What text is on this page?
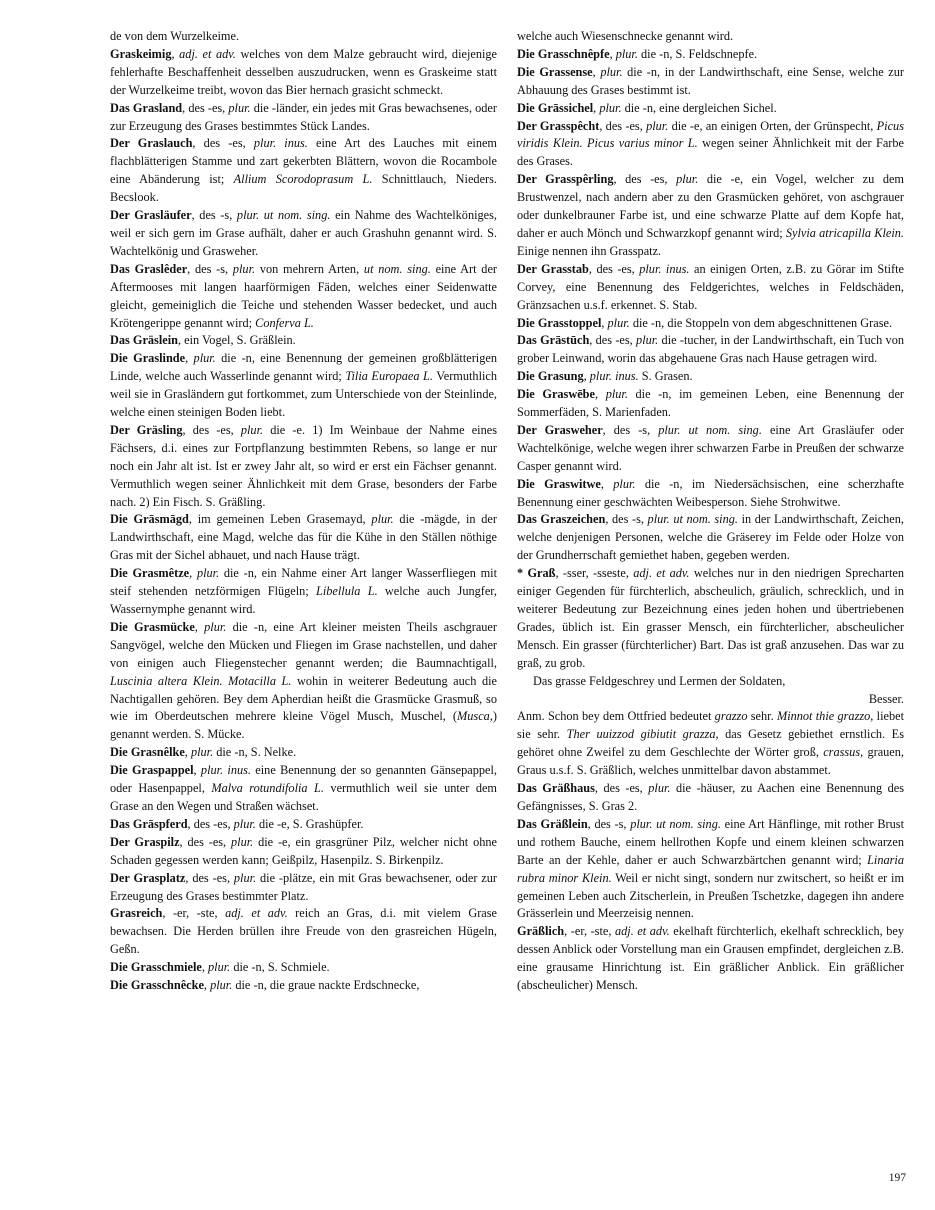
de von dem Wurzelkeime.

Graskeimig, adj. et adv. welches von dem Malze gebraucht wird, diejenige fehlerhafte Beschaffenheit desselben auszudrucken, wenn es Graskeime statt der Wurzelkeime treibt, wovon das Bier hernach grasicht schmeckt.

Das Grasland, des -es, plur. die -länder, ein jedes mit Gras bewachsenes, oder zur Erzeugung des Grases bestimmtes Stück Landes.

Der Graslauch, des -es, plur. inus. eine Art des Lauches mit einem flachblätterigen Stamme und zart gekerbten Blättern, wovon die Rocambole eine Abänderung ist; Allium Scorodoprasum L. Schnittlauch, Nieders. Becslook.

Der Grasläufer, des -s, plur. ut nom. sing. ein Nahme des Wachtelköniges, weil er sich gern im Grase aufhält, daher er auch Grashuhn genannt wird. S. Wachtelkönig und Grasweher.

Das Graslêder, des -s, plur. von mehrern Arten, ut nom. sing. eine Art der Aftermooses mit langen haarförmigen Fäden, welches einer Seidenwatte gleicht, gemeiniglich die Teiche und stehenden Wasser bedecket, und auch Krötengerippe genannt wird; Conferva L.

Das Gräslein, ein Vogel, S. Gräßlein.

Die Graslinde, plur. die -n, eine Benennung der gemeinen großblätterigen Linde, welche auch Wasserlinde genannt wird; Tilia Europaea L. Vermuthlich weil sie in Grasländern gut fortkommet, zum Unterschiede von der Steinlinde, welche einen steinigen Boden liebt.

Der Gräsling, des -es, plur. die -e. 1) Im Weinbaue der Nahme eines Fächsers, d.i. eines zur Fortpflanzung bestimmten Rebens, so lange er nur noch ein Jahr alt ist. Ist er zwey Jahr alt, so wird er erst ein Fächser genannt. Vermuthlich wegen seiner Ähnlichkeit mit dem Grase, besonders der Farbe nach. 2) Ein Fisch. S. Gräßling.

Die Grāsmāgd, im gemeinen Leben Grasemayd, plur. die -mägde, in der Landwirthschaft, eine Magd, welche das für die Kühe in den Ställen nöthige Gras mit der Sichel abhauet, und nach Hause trägt.

Die Grasmêtze, plur. die -n, ein Nahme einer Art langer Wasserfliegen mit steif stehenden netzförmigen Flügeln; Libellula L. welche auch Jungfer, Wassernymphe genannt wird.

Die Grasmücke, plur. die -n, eine Art kleiner meisten Theils aschgrauer Sangvögel, welche den Mücken und Fliegen im Grase nachstellen, und daher von einigen auch Fliegenstecher genannt werden; die Baumnachtigall, Luscinia altera Klein. Motacilla L. wohin in weiterer Bedeutung auch die Nachtigallen gehören. Bey dem Apherdian heißt die Grasmücke Grasmuß, so wie im Oberdeutschen mehrere kleine Vögel Musch, Muschel, (Musca,) genannt werden. S. Mücke.

Die Grasnêlke, plur. die -n, S. Nelke.

Die Graspappel, plur. inus. eine Benennung der so genannten Gänsepappel, oder Hasenpappel, Malva rotundifolia L. vermuthlich weil sie unter dem Grase an den Wegen und Straßen wächset.

Das Grāspferd, des -es, plur. die -e, S. Grashüpfer.

Der Graspilz, des -es, plur. die -e, ein grasgrüner Pilz, welcher nicht ohne Schaden gegessen werden kann; Geißpilz, Hasenpilz. S. Birkenpilz.

Der Grasplatz, des -es, plur. die -plätze, ein mit Gras bewachsener, oder zur Erzeugung des Grases bestimmter Platz.

Grasreich, -er, -ste, adj. et adv. reich an Gras, d.i. mit vielem Grase bewachsen. Die Herden brüllen ihre Freude von den grasreichen Hügeln, Geßn.

Die Grasschmiele, plur. die -n, S. Schmiele.

Die Grasschnêcke, plur. die -n, die graue nackte Erdschnecke,

welche auch Wiesenschnecke genannt wird.

Die Grasschnêpfe, plur. die -n, S. Feldschnepfe.

Die Grassense, plur. die -n, in der Landwirthschaft, eine Sense, welche zur Abhauung des Grases bestimmt ist.

Die Grāssichel, plur. die -n, eine dergleichen Sichel.

Der Grasspêcht, des -es, plur. die -e, an einigen Orten, der Grünspecht, Picus viridis Klein. Picus varius minor L. wegen seiner Ähnlichkeit mit der Farbe des Grases.

Der Grasspêrling, des -es, plur. die -e, ein Vogel, welcher zu dem Brustwenzel, nach andern aber zu den Grasmücken gehöret, von aschgrauer oder dunkelbrauner Farbe ist, und eine schwarze Platte auf dem Kopfe hat, daher er auch Mönch und Schwarzkopf genannt wird; Sylvia atricapilla Klein. Einige nennen ihn Grasspatz.

Der Grasstab, des -es, plur. inus. an einigen Orten, z.B. zu Görar im Stifte Corvey, eine Benennung des Feldgerichtes, welches in Feldschäden, Gränzsachen u.s.f. erkennet. S. Stab.

Die Grasstoppel, plur. die -n, die Stoppeln von dem abgeschnittenen Grase.

Das Grāstūch, des -es, plur. die -tucher, in der Landwirthschaft, ein Tuch von grober Leinwand, worin das abgehauene Gras nach Hause getragen wird.

Die Grasung, plur. inus. S. Grasen.

Die Graswēbe, plur. die -n, im gemeinen Leben, eine Benennung der Sommerfäden, S. Marienfaden.

Der Grasweher, des -s, plur. ut nom. sing. eine Art Grasläufer oder Wachtelkönige, welche wegen ihrer schwarzen Farbe in Preußen der schwarze Casper genannt wird.

Die Graswitwe, plur. die -n, im Niedersächsischen, eine scherzhafte Benennung einer geschwächten Weibesperson. Siehe Strohwitwe.

Das Graszeichen, des -s, plur. ut nom. sing. in der Landwirthschaft, Zeichen, welche denjenigen Personen, welche die Gräserey im Felde oder Holze von der Grundherrschaft gemiethet haben, gegeben werden.

* Graß, -sser, -sseste, adj. et adv. welches nur in den niedrigen Sprecharten einiger Gegenden für fürchterlich, abscheulich, gräulich, schrecklich, und in weiterer Bedeutung zur Bezeichnung eines jeden hohen und übertriebenen Grades, üblich ist. Ein grasser Mensch, ein fürchterlicher, abscheulicher Mensch. Ein grasser (fürchterlicher) Bart. Das ist graß anzusehen. Das war zu graß, zu grob.

Das grasse Feldgeschrey und Lermen der Soldaten,

Besser.

Anm. Schon bey dem Ottfried bedeutet grazzo sehr. Minnot thie grazzo, liebet sie sehr. Ther uuizzod gibiutit grazza, das Gesetz gebiethet ernstlich. Es gehöret ohne Zweifel zu dem Geschlechte der Wörter groß, crassus, grauen, Graus u.s.f. S. Gräßlich, welches unmittelbar davon abstammet.

Das Gräßhaus, des -es, plur. die -häuser, zu Aachen eine Benennung des Gefängnisses, S. Gras 2.

Das Gräßlein, des -s, plur. ut nom. sing. eine Art Hänflinge, mit rother Brust und rothem Bauche, einem hellrothen Kopfe und einem kleinen schwarzen Barte an der Kehle, daher er auch Schwarzbärtchen genannt wird; Linaria rubra minor Klein. Weil er nicht singt, sondern nur zwitschert, so heißt er im gemeinen Leben auch Zitscherlein, in Preußen Tschetzke, dagegen ihn andere Grässerlein und Meerzeisig nennen.

Gräßlich, -er, -ste, adj. et adv. ekelhaft fürchterlich, ekelhaft schrecklich, bey dessen Anblick oder Vorstellung man ein Grausen empfindet, dergleichen z.B. eine grausame Hinrichtung ist. Ein gräßlicher Anblick. Ein gräßlicher (abscheulicher) Mensch.

197
